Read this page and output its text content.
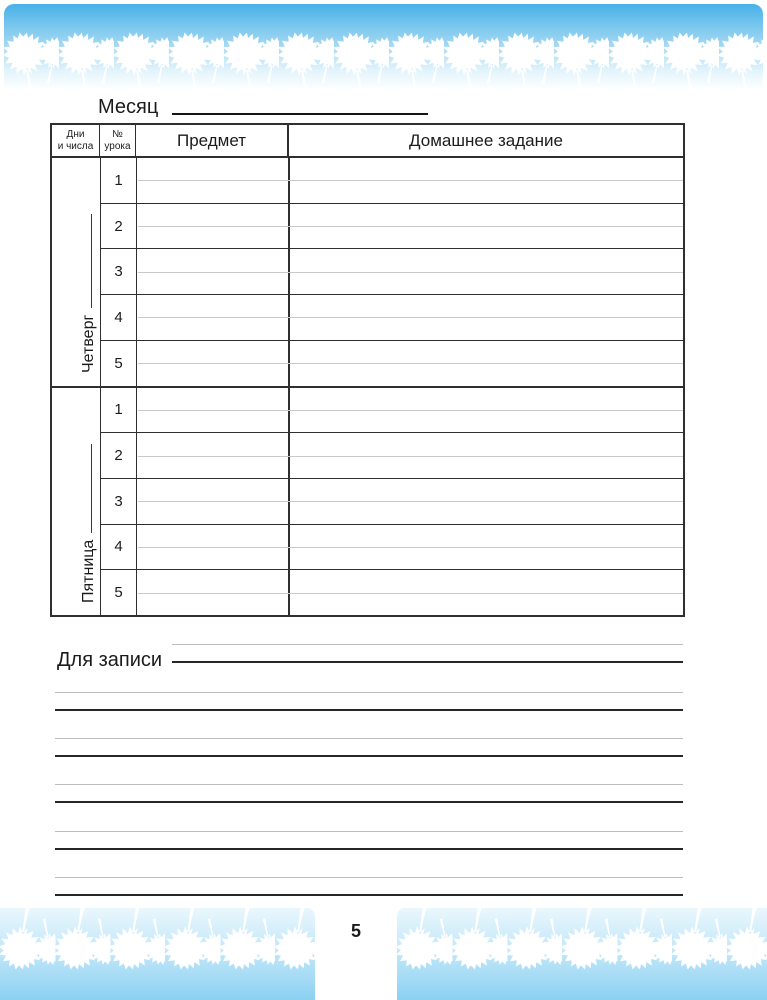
Месяц
Дни
и числа
№
урока	Предмет	Домашнее задание
Четверг
1
2
3
4
5
Пятница
1
2
3
4
5
Для записи
5
